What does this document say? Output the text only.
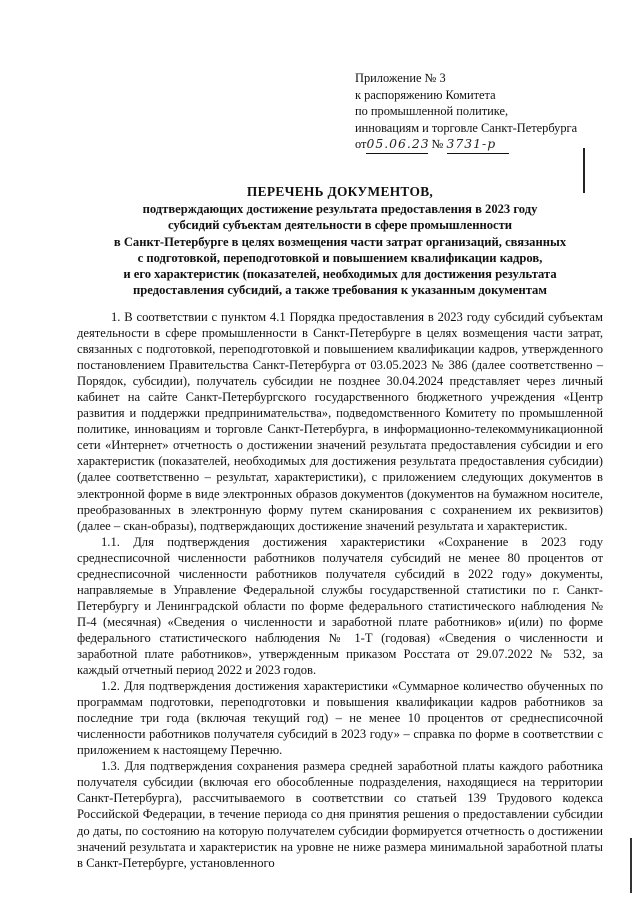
Приложение № 3
к распоряжению Комитета
по промышленной политике,
инновациям и торговле Санкт-Петербурга
от05.06.23 № 3731-р
ПЕРЕЧЕНЬ ДОКУМЕНТОВ,
подтверждающих достижение результата предоставления в 2023 году
субсидий субъектам деятельности в сфере промышленности
в Санкт-Петербурге в целях возмещения части затрат организаций, связанных
с подготовкой, переподготовкой и повышением квалификации кадров,
и его характеристик (показателей, необходимых для достижения результата
предоставления субсидий, а также требования к указанным документам

1. В соответствии с пунктом 4.1 Порядка предоставления в 2023 году субсидий субъектам деятельности в сфере промышленности в Санкт-Петербурге в целях возмещения части затрат, связанных с подготовкой, переподготовкой и повышением квалификации кадров, утвержденного постановлением Правительства Санкт-Петербурга от 03.05.2023 № 386 (далее соответственно – Порядок, субсидии), получатель субсидии не позднее 30.04.2024 представляет через личный кабинет на сайте Санкт-Петербургского государственного бюджетного учреждения «Центр развития и поддержки предпринимательства», подведомственного Комитету по промышленной политике, инновациям и торговле Санкт-Петербурга, в информационно-телекоммуникационной сети «Интернет» отчетность о достижении значений результата предоставления субсидии и его характеристик (показателей, необходимых для достижения результата предоставления субсидии) (далее соответственно – результат, характеристики), с приложением следующих документов в электронной форме в виде электронных образов документов (документов на бумажном носителе, преобразованных в электронную форму путем сканирования с сохранением их реквизитов) (далее – скан-образы), подтверждающих достижение значений результата и характеристик.

1.1. Для подтверждения достижения характеристики «Сохранение в 2023 году среднесписочной численности работников получателя субсидий не менее 80 процентов от среднесписочной численности работников получателя субсидий в 2022 году» документы, направляемые в Управление Федеральной службы государственной статистики по г. Санкт-Петербургу и Ленинградской области по форме федерального статистического наблюдения № П-4 (месячная) «Сведения о численности и заработной плате работников» и(или) по форме федерального статистического наблюдения № 1-Т (годовая) «Сведения о численности и заработной плате работников», утвержденным приказом Росстата от 29.07.2022 № 532, за каждый отчетный период 2022 и 2023 годов.

1.2. Для подтверждения достижения характеристики «Суммарное количество обученных по программам подготовки, переподготовки и повышения квалификации кадров работников за последние три года (включая текущий год) – не менее 10 процентов от среднесписочной численности работников получателя субсидий в 2023 году» – справка по форме в соответствии с приложением к настоящему Перечню.

1.3. Для подтверждения сохранения размера средней заработной платы каждого работника получателя субсидии (включая его обособленные подразделения, находящиеся на территории Санкт-Петербурга), рассчитываемого в соответствии со статьей 139 Трудового кодекса Российской Федерации, в течение периода со дня принятия решения о предоставлении субсидии до даты, по состоянию на которую получателем субсидии формируется отчетность о достижении значений результата и характеристик на уровне не ниже размера минимальной заработной платы в Санкт-Петербурге, установленного
